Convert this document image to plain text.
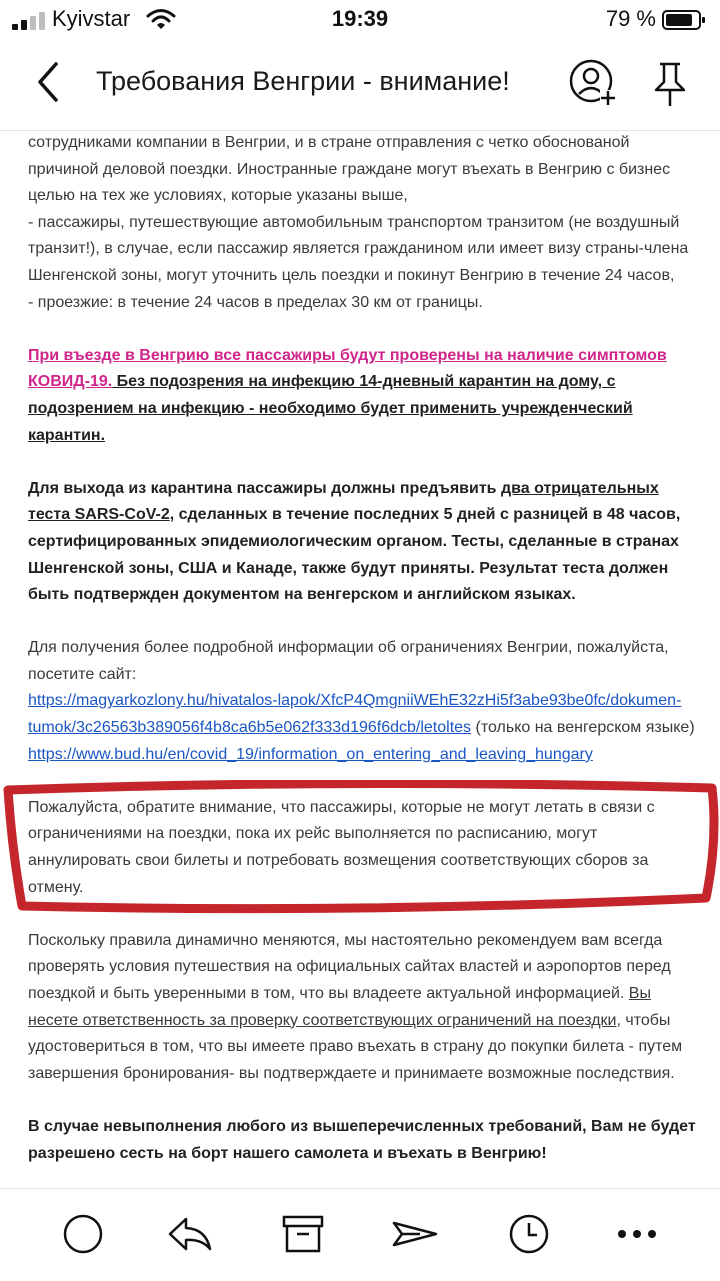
Kyivstar	19:39	79 %
Требования Венгрии - внимание!

сотрудниками компании в Венгрии, и в стране отправления с четко обоснованой причиной деловой поездки. Иностранные граждане могут въехать в Венгрию с бизнес целью на тех же условиях, которые указаны выше,

- пассажиры, путешествующие автомобильным транспортом транзитом (не воздушный транзит!), в случае, если пассажир является гражданином или имеет визу страны-члена Шенгенской зоны, могут уточнить цель поездки и покинут Венгрию в течение 24 часов,

- проезжие: в течение 24 часов в пределах 30 км от границы.

При въезде в Венгрию все пассажиры будут проверены на наличие симптомов КОВИД-19. Без подозрения на инфекцию 14-дневный карантин на дому, с подозрением на инфекцию - необходимо будет применить учрежденческий карантин.

Для выхода из карантина пассажиры должны предъявить два отрицательных теста SARS-CoV-2, сделанных в течение последних 5 дней с разницей в 48 часов, сертифицированных эпидемиологическим органом. Тесты, сделанные в странах Шенгенской зоны, США и Канаде, также будут приняты. Результат теста должен быть подтвержден документом на венгерском и английском языках.

Для получения более подробной информации об ограничениях Венгрии, пожалуйста, посетите сайт:

https://magyarkozlony.hu/hivatalos-lapok/XfcP4QmgniiWEhE32zHi5f3abe93be0fc/dokumen-tumok/3c26563b389056f4b8ca6b5e062f333d196f6dcb/letoltes (только на венгерском языке)

https://www.bud.hu/en/covid_19/information_on_entering_and_leaving_hungary

Пожалуйста, обратите внимание, что пассажиры, которые не могут летать в связи с ограничениями на поездки, пока их рейс выполняется по расписанию, могут аннулировать свои билеты и потребовать возмещения соответствующих сборов за отмену.

Поскольку правила динамично меняются, мы настоятельно рекомендуем вам всегда проверять условия путешествия на официальных сайтах властей и аэропортов перед поездкой и быть уверенными в том, что вы владеете актуальной информацией. Вы несете ответственность за проверку соответствующих ограничений на поездки, чтобы удостовериться в том, что вы имеете право въехать в страну до покупки билета - путем завершения бронирования- вы подтверждаете и принимаете возможные последствия.

В случае невыполнения любого из вышеперечисленных требований, Вам не будет разрешено сесть на борт нашего самолета и въехать в Венгрию!
